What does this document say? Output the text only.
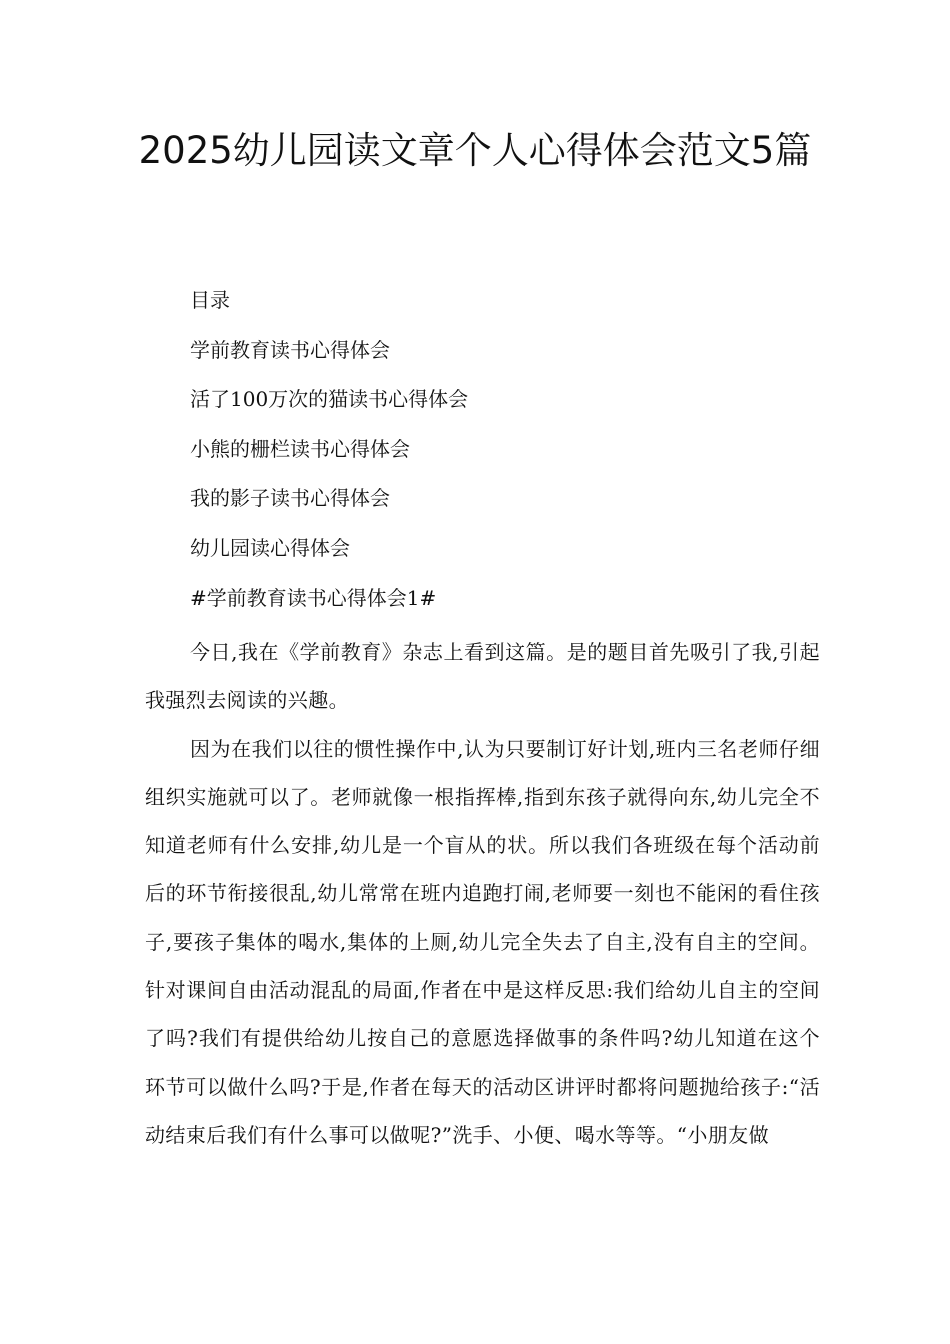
2025幼儿园读文章个人心得体会范文5篇
目录
学前教育读书心得体会
活了100万次的猫读书心得体会
小熊的栅栏读书心得体会
我的影子读书心得体会
幼儿园读心得体会
#学前教育读书心得体会1#

今日,我在《学前教育》杂志上看到这篇。是的题目首先吸引了我,引起我强烈去阅读的兴趣。

因为在我们以往的惯性操作中,认为只要制订好计划,班内三名老师仔细组织实施就可以了。老师就像一根指挥棒,指到东孩子就得向东,幼儿完全不知道老师有什么安排,幼儿是一个盲从的状。所以我们各班级在每个活动前后的环节衔接很乱,幼儿常常在班内追跑打闹,老师要一刻也不能闲的看住孩子,要孩子集体的喝水,集体的上厕,幼儿完全失去了自主,没有自主的空间。针对课间自由活动混乱的局面,作者在中是这样反思:我们给幼儿自主的空间了吗?我们有提供给幼儿按自己的意愿选择做事的条件吗?幼儿知道在这个环节可以做什么吗?于是,作者在每天的活动区讲评时都将问题抛给孩子:“活动结束后我们有什么事可以做呢?”洗手、小便、喝水等等。“小朋友做
